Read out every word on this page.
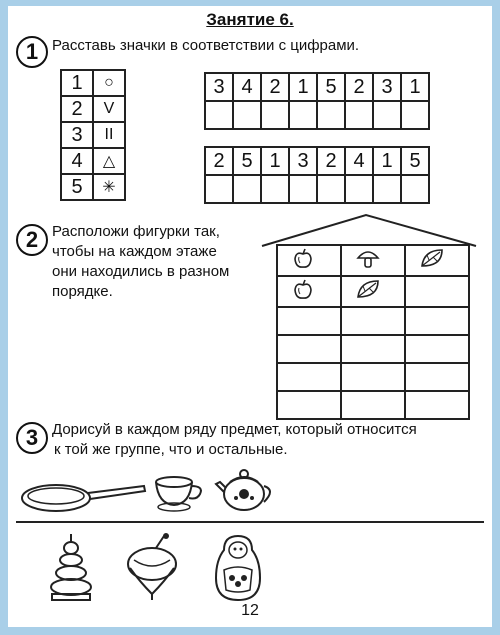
Занятие 6.
1 Расставь значки в соответствии с цифрами.
1	○
2	V
3	II
4	△
5	✳
3	4	2	1	5	2	3	1

2	5	1	3	2	4	1	5

2 Расположи фигурки так,
чтобы на каждом этаже
они находились в разном
порядке.

3 Дорисуй в каждом ряду предмет, который относится
к той же группе, что и остальные.
12
